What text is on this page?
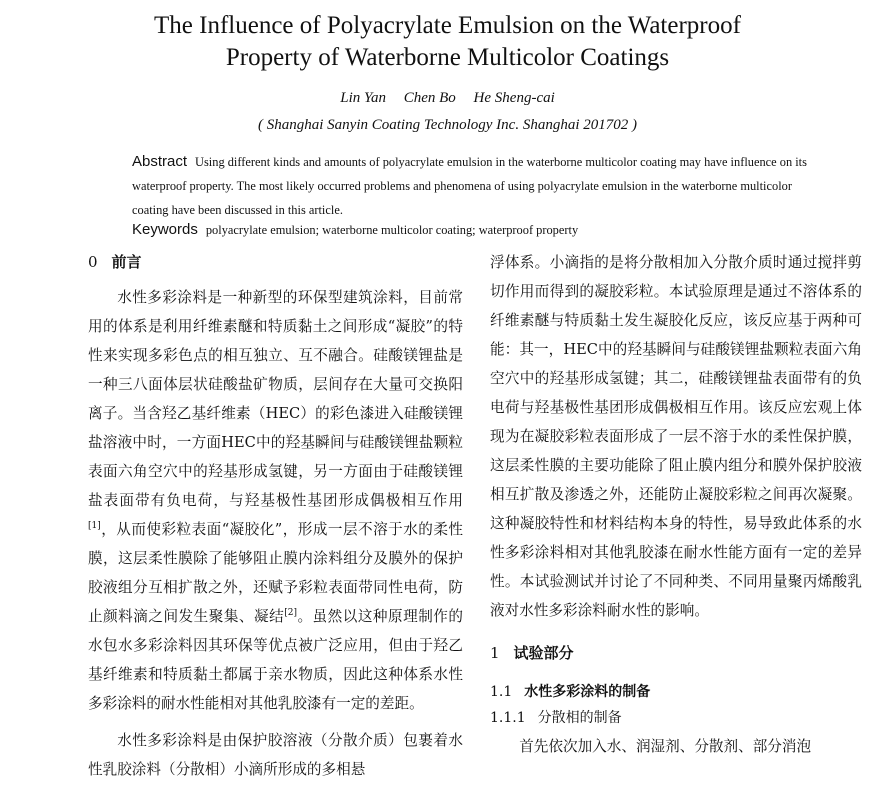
The Influence of Polyacrylate Emulsion on the Waterproof
Property of Waterborne Multicolor Coatings
Lin Yan Chen Bo He Sheng-cai
( Shanghai Sanyin Coating Technology Inc. Shanghai 201702 )
Abstract Using different kinds and amounts of polyacrylate emulsion in the waterborne multicolor coating may have influence on its waterproof property. The most likely occurred problems and phenomena of using polyacrylate emulsion in the waterborne multicolor coating have been discussed in this article.
Keywords polyacrylate emulsion; waterborne multicolor coating; waterproof property
0 前言

水性多彩涂料是一种新型的环保型建筑涂料，目前常用的体系是利用纤维素醚和特质黏土之间形成“凝胶”的特性来实现多彩色点的相互独立、互不融合。硅酸镁锂盐是一种三八面体层状硅酸盐矿物质，层间存在大量可交换阳离子。当含羟乙基纤维素（HEC）的彩色漆进入硅酸镁锂盐溶液中时，一方面HEC中的羟基瞬间与硅酸镁锂盐颗粒表面六角空穴中的羟基形成氢键，另一方面由于硅酸镁锂盐表面带有负电荷，与羟基极性基团形成偶极相互作用[1]，从而使彩粒表面“凝胶化”，形成一层不溶于水的柔性膜，这层柔性膜除了能够阻止膜内涂料组分及膜外的保护胶液组分互相扩散之外，还赋予彩粒表面带同性电荷，防止颜料滴之间发生聚集、凝结[2]。虽然以这种原理制作的水包水多彩涂料因其环保等优点被广泛应用，但由于羟乙基纤维素和特质黏土都属于亲水物质，因此这种体系水性多彩涂料的耐水性能相对其他乳胶漆有一定的差距。

水性多彩涂料是由保护胶溶液（分散介质）包裹着水性乳胶涂料（分散相）小滴所形成的多相悬

浮体系。小滴指的是将分散相加入分散介质时通过搅拌剪切作用而得到的凝胶彩粒。本试验原理是通过不溶体系的纤维素醚与特质黏土发生凝胶化反应，该反应基于两种可能：其一，HEC中的羟基瞬间与硅酸镁锂盐颗粒表面六角空穴中的羟基形成氢键；其二，硅酸镁锂盐表面带有的负电荷与羟基极性基团形成偶极相互作用。该反应宏观上体现为在凝胶彩粒表面形成了一层不溶于水的柔性保护膜，这层柔性膜的主要功能除了阻止膜内组分和膜外保护胶液相互扩散及渗透之外，还能防止凝胶彩粒之间再次凝聚。这种凝胶特性和材料结构本身的特性，易导致此体系的水性多彩涂料相对其他乳胶漆在耐水性能方面有一定的差异性。本试验测试并讨论了不同种类、不同用量聚丙烯酸乳液对水性多彩涂料耐水性的影响。

1 试验部分
1.1 水性多彩涂料的制备
1.1.1 分散相的制备

首先依次加入水、润湿剂、分散剂、部分消泡
